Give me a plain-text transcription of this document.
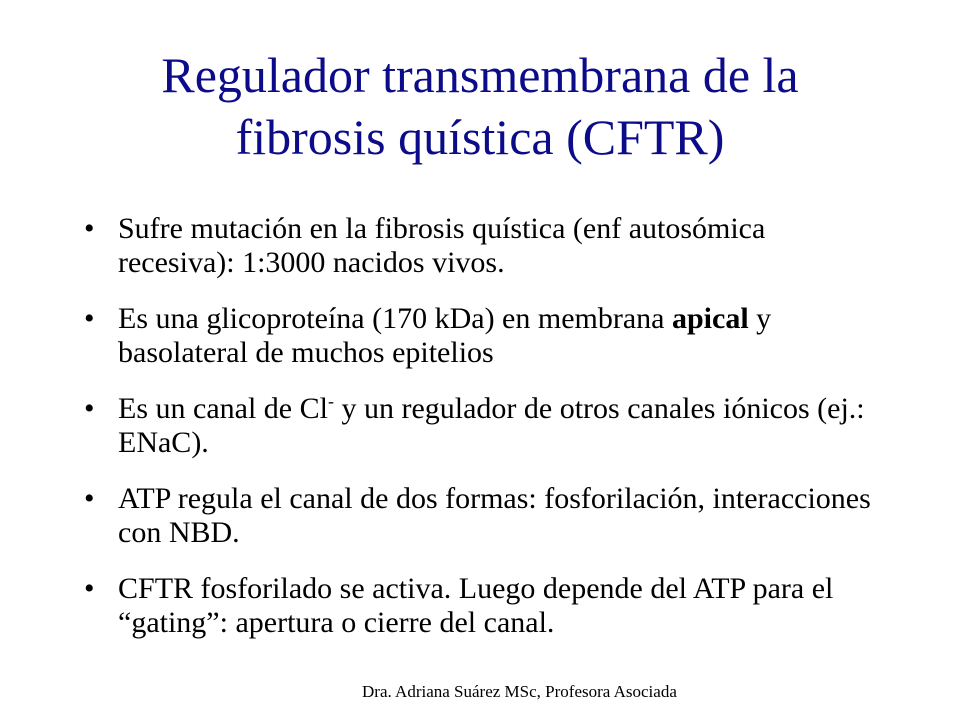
Regulador transmembrana de la
fibrosis quística (CFTR)
• Sufre mutación en la fibrosis quística (enf autosómica recesiva): 1:3000 nacidos vivos.
• Es una glicoproteína (170 kDa) en membrana apical y basolateral de muchos epitelios
• Es un canal de Cl- y un regulador de otros canales iónicos (ej.: ENaC).
• ATP regula el canal de dos formas: fosforilación, interacciones con NBD.
• CFTR fosforilado se activa. Luego depende del ATP para el “gating”: apertura o cierre del canal.
Dra. Adriana Suárez MSc, Profesora Asociada
